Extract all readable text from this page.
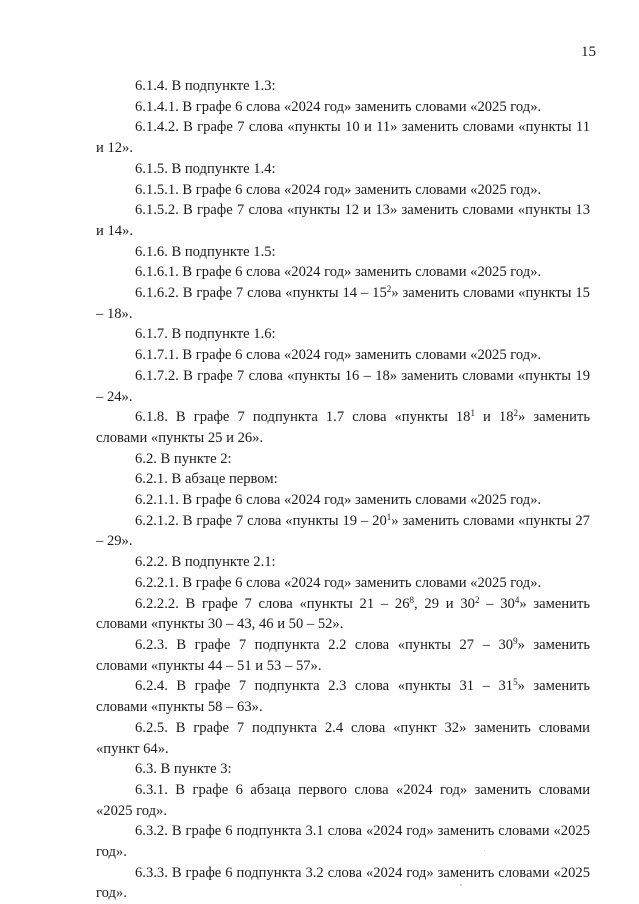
15

6.1.4. В подпункте 1.3:

6.1.4.1. В графе 6 слова «2024 год» заменить словами «2025 год».

6.1.4.2. В графе 7 слова «пункты 10 и 11» заменить словами «пункты 11 и 12».

6.1.5. В подпункте 1.4:

6.1.5.1. В графе 6 слова «2024 год» заменить словами «2025 год».

6.1.5.2. В графе 7 слова «пункты 12 и 13» заменить словами «пункты 13 и 14».

6.1.6. В подпункте 1.5:

6.1.6.1. В графе 6 слова «2024 год» заменить словами «2025 год».

6.1.6.2. В графе 7 слова «пункты $14 - 15^2$» заменить словами «пункты 15 – 18».

6.1.7. В подпункте 1.6:

6.1.7.1. В графе 6 слова «2024 год» заменить словами «2025 год».

6.1.7.2. В графе 7 слова «пункты 16 – 18» заменить словами «пункты 19 – 24».

6.1.8. В графе 7 подпункта 1.7 слова «пункты $18^1$ и $18^2$» заменить словами «пункты 25 и 26».

6.2. В пункте 2:

6.2.1. В абзаце первом:

6.2.1.1. В графе 6 слова «2024 год» заменить словами «2025 год».

6.2.1.2. В графе 7 слова «пункты $19 - 20^1$» заменить словами «пункты 27 – 29».

6.2.2. В подпункте 2.1:

6.2.2.1. В графе 6 слова «2024 год» заменить словами «2025 год».

6.2.2.2. В графе 7 слова «пункты $21 - 26^8$, 29 и $30^2 - 30^4$» заменить словами «пункты 30 – 43, 46 и 50 – 52».

6.2.3. В графе 7 подпункта 2.2 слова «пункты $27 - 30^9$» заменить словами «пункты 44 – 51 и 53 – 57».

6.2.4. В графе 7 подпункта 2.3 слова «пункты $31 - 31^5$» заменить словами «пункты 58 – 63».

6.2.5. В графе 7 подпункта 2.4 слова «пункт 32» заменить словами «пункт 64».

6.3. В пункте 3:

6.3.1. В графе 6 абзаца первого слова «2024 год» заменить словами «2025 год».

6.3.2. В графе 6 подпункта 3.1 слова «2024 год» заменить словами «2025 год».

6.3.3. В графе 6 подпункта 3.2 слова «2024 год» заменить словами «2025 год».
